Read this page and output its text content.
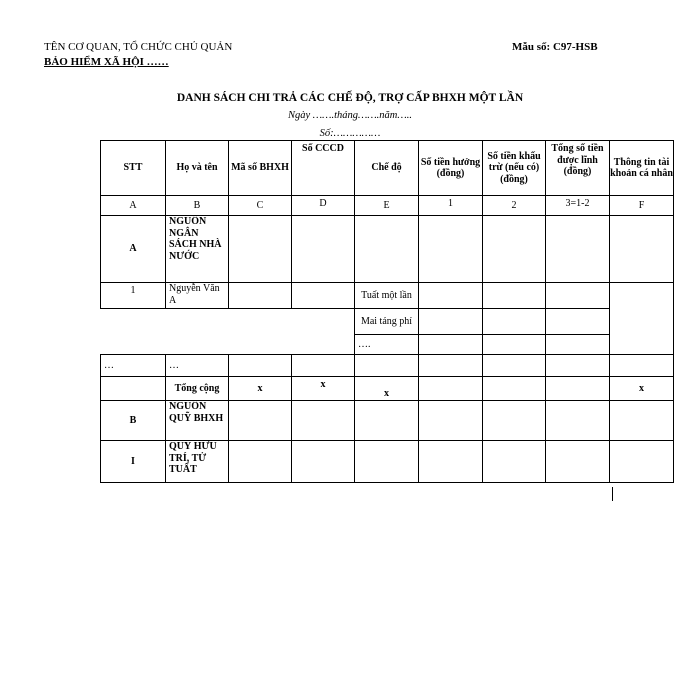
TÊN CƠ QUAN, TỔ CHỨC CHỦ QUẢN
BẢO HIỂM XÃ HỘI ……
Mẫu số: C97-HSB
DANH SÁCH CHI TRẢ CÁC CHẾ ĐỘ, TRỢ CẤP BHXH MỘT LẦN
Ngày …….tháng…….năm…..
Số:……………
STT	Họ và tên	Mã số BHXH	Số CCCD	Chế độ	Số tiền hưởng (đồng)	Số tiền khấu trừ (nếu có) (đồng)	Tổng số tiền được lĩnh (đồng)	Thông tin tài khoản cá nhân
A	B	C	D	E	1	2	3=1-2	F
A	NGUỒN NGÂN SÁCH NHÀ NƯỚC							
1	Nguyễn Văn A			Tuất một lần				
				Mai táng phí				
				….				
…	…							
	Tổng cộng	x	x	x				x
B	NGUỒN QUỸ BHXH							
I	QUỸ HƯU TRÍ, TỬ TUẤT							
